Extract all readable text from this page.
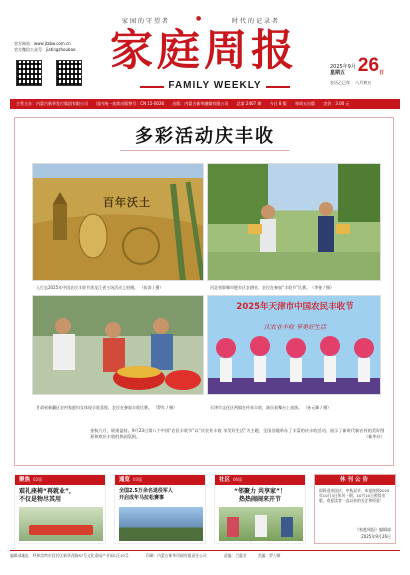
家园的守望者	●	时代的记录者
官方网站：www.jtzbw.com.cn
官方微信公众号：jiatingzhoubao 家庭周报
FAMILY WEEKLY
2025年9月
星期五 26 日
农历乙巳年 八月初五
主管主办：内蒙古新华发行集团有限公司 国内统一连续出版物号：CN 15-0026 出版：内蒙古新华融媒有限公司 总第 2407 期 今日 8 版 每周五出版 定价：3.00 元
多彩活动庆丰收
百年沃土
入行去2025年中国农民丰收节黑龙江省主场活动上拍摄。 （张涛 / 摄）	河北省邯郸市肥乡区农耕业，农民在参加“丰收节”比赛。（李斐 / 摄）
甘肃省新疆区农村家庭妇女体现丰收喜悦，农民在参加丰收比赛。 （罗红 / 摄）
2025年天津市中国农民丰收节
庆农业丰收 享美好生活
天津市文化区两镇在传承丰收，演员表舞台上表演。 （孙元峰 / 摄）
金秋九月，硕果盈枝。9月23日第八个中国“农民丰收节”以“庆农业丰收 享美好生活”为主题，全国各地举办了丰富的庆丰收活动，展示了新时代新农村的美好图景和欢庆丰收的热闹氛围。	（新华社）
聚焦 02版
艰礼座椅“再就业”，
不仅是物尽其用
通览 03版
全国2.5万余名退役军人
开启成年马拉松赛事
社区 06版
“邻聚力 共享家”！
热热闹闹来开节
休刊公告
即将迎来国庆、中秋双节，本报按照2025年10月3日休刊一期，10月10日照常出版，欢迎读者一直以来的关注和厚爱！
《家庭周报》编辑部
2025年9月26日
编辑部地址：呼和浩特市回民区新华西路87号文化嘉园产业园C区10号	印刷：内蒙古新华印刷有限责任公司	责编：吕惠芳	美编：罗力斯
